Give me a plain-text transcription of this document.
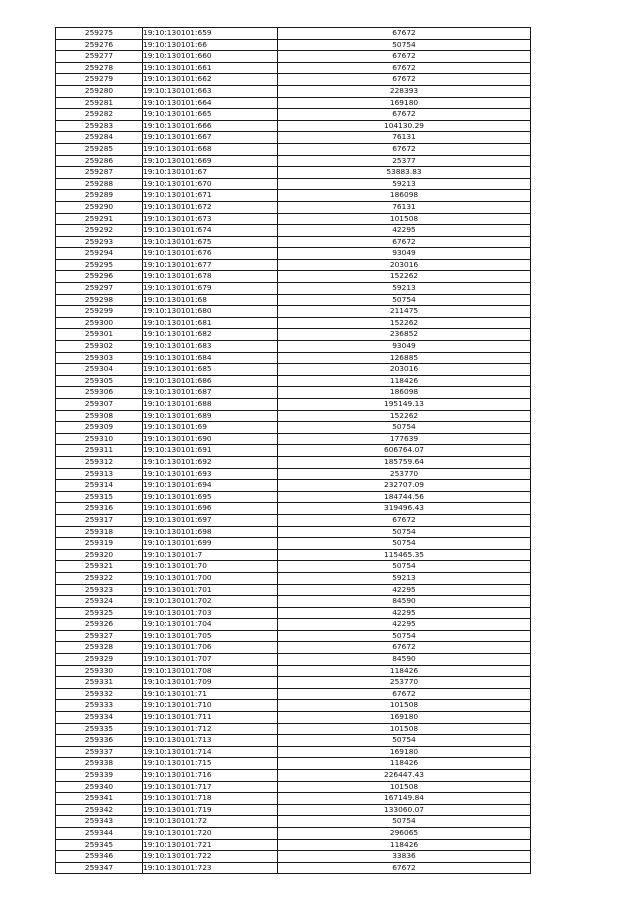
259275	19:10:130101:659	67672
259276	19:10:130101:66	50754
259277	19:10:130101:660	67672
259278	19:10:130101:661	67672
259279	19:10:130101:662	67672
259280	19:10:130101:663	228393
259281	19:10:130101:664	169180
259282	19:10:130101:665	67672
259283	19:10:130101:666	104130.29
259284	19:10:130101:667	76131
259285	19:10:130101:668	67672
259286	19:10:130101:669	25377
259287	19:10:130101:67	53883.83
259288	19:10:130101:670	59213
259289	19:10:130101:671	186098
259290	19:10:130101:672	76131
259291	19:10:130101:673	101508
259292	19:10:130101:674	42295
259293	19:10:130101:675	67672
259294	19:10:130101:676	93049
259295	19:10:130101:677	203016
259296	19:10:130101:678	152262
259297	19:10:130101:679	59213
259298	19:10:130101:68	50754
259299	19:10:130101:680	211475
259300	19:10:130101:681	152262
259301	19:10:130101:682	236852
259302	19:10:130101:683	93049
259303	19:10:130101:684	126885
259304	19:10:130101:685	203016
259305	19:10:130101:686	118426
259306	19:10:130101:687	186098
259307	19:10:130101:688	195149.13
259308	19:10:130101:689	152262
259309	19:10:130101:69	50754
259310	19:10:130101:690	177639
259311	19:10:130101:691	606764.07
259312	19:10:130101:692	185759.64
259313	19:10:130101:693	253770
259314	19:10:130101:694	232707.09
259315	19:10:130101:695	184744.56
259316	19:10:130101:696	319496.43
259317	19:10:130101:697	67672
259318	19:10:130101:698	50754
259319	19:10:130101:699	50754
259320	19:10:130101:7	115465.35
259321	19:10:130101:70	50754
259322	19:10:130101:700	59213
259323	19:10:130101:701	42295
259324	19:10:130101:702	84590
259325	19:10:130101:703	42295
259326	19:10:130101:704	42295
259327	19:10:130101:705	50754
259328	19:10:130101:706	67672
259329	19:10:130101:707	84590
259330	19:10:130101:708	118426
259331	19:10:130101:709	253770
259332	19:10:130101:71	67672
259333	19:10:130101:710	101508
259334	19:10:130101:711	169180
259335	19:10:130101:712	101508
259336	19:10:130101:713	50754
259337	19:10:130101:714	169180
259338	19:10:130101:715	118426
259339	19:10:130101:716	226447.43
259340	19:10:130101:717	101508
259341	19:10:130101:718	167149.84
259342	19:10:130101:719	133060.07
259343	19:10:130101:72	50754
259344	19:10:130101:720	296065
259345	19:10:130101:721	118426
259346	19:10:130101:722	33836
259347	19:10:130101:723	67672
